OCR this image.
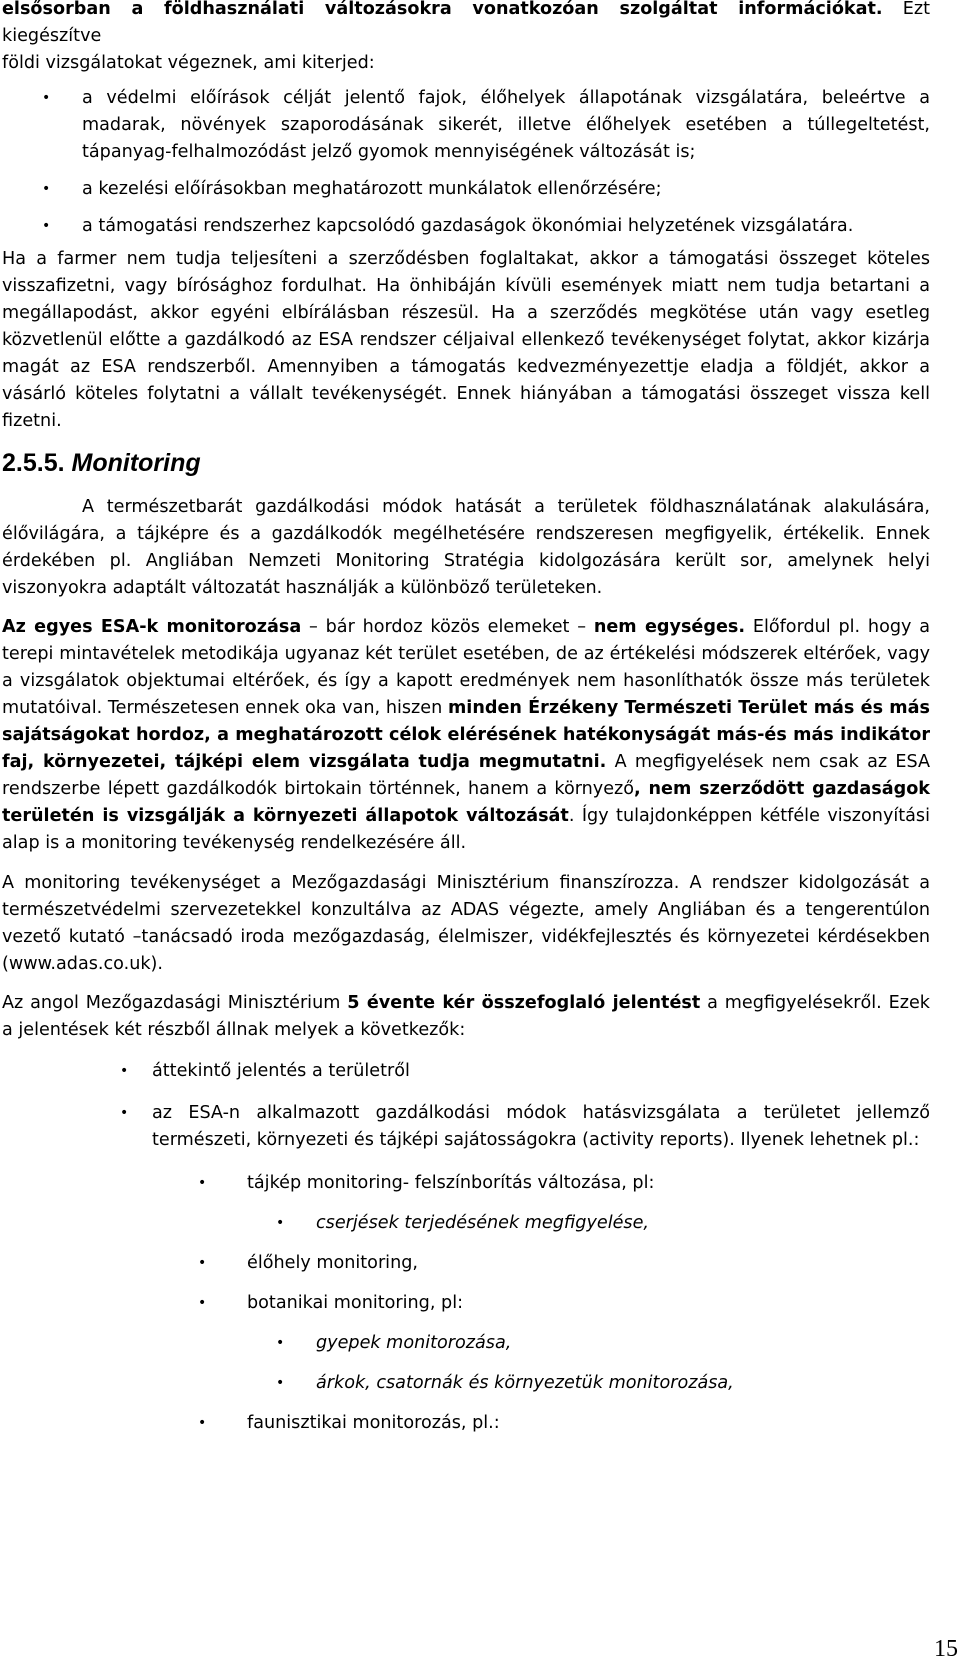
elsősorban a földhasználati változásokra vonatkozóan szolgáltat információkat. Ezt kiegészítve
földi vizsgálatokat végeznek, ami kiterjed:

• a védelmi előírások célját jelentő fajok, élőhelyek állapotának vizsgálatára, beleértve a madarak, növények szaporodásának sikerét, illetve élőhelyek esetében a túllegeltetést, tápanyag-felhalmozódást jelző gyomok mennyiségének változását is;
• a kezelési előírásokban meghatározott munkálatok ellenőrzésére;
• a támogatási rendszerhez kapcsolódó gazdaságok ökonómiai helyzetének vizsgálatára.

Ha a farmer nem tudja teljesíteni a szerződésben foglaltakat, akkor a támogatási összeget köteles visszafizetni, vagy bírósághoz fordulhat. Ha önhibáján kívüli események miatt nem tudja betartani a megállapodást, akkor egyéni elbírálásban részesül. Ha a szerződés megkötése után vagy esetleg közvetlenül előtte a gazdálkodó az ESA rendszer céljaival ellenkező tevékenységet folytat, akkor kizárja magát az ESA rendszerből. Amennyiben a támogatás kedvezményezettje eladja a földjét, akkor a vásárló köteles folytatni a vállalt tevékenységét. Ennek hiányában a támogatási összeget vissza kell fizetni.

2.5.5. Monitoring

A természetbarát gazdálkodási módok hatását a területek földhasználatának alakulására, élővilágára, a tájképre és a gazdálkodók megélhetésére rendszeresen megfigyelik, értékelik. Ennek érdekében pl. Angliában Nemzeti Monitoring Stratégia kidolgozására került sor, amelynek helyi viszonyokra adaptált változatát használják a különböző területeken.

Az egyes ESA-k monitorozása – bár hordoz közös elemeket – nem egységes. Előfordul pl. hogy a terepi mintavételek metodikája ugyanaz két terület esetében, de az értékelési módszerek eltérőek, vagy a vizsgálatok objektumai eltérőek, és így a kapott eredmények nem hasonlíthatók össze más területek mutatóival. Természetesen ennek oka van, hiszen minden Érzékeny Természeti Terület más és más sajátságokat hordoz, a meghatározott célok elérésének hatékonyságát más-és más indikátor faj, környezetei, tájképi elem vizsgálata tudja megmutatni. A megfigyelések nem csak az ESA rendszerbe lépett gazdálkodók birtokain történnek, hanem a környező, nem szerződött gazdaságok területén is vizsgálják a környezeti állapotok változását. Így tulajdonképpen kétféle viszonyítási alap is a monitoring tevékenység rendelkezésére áll.

A monitoring tevékenységet a Mezőgazdasági Minisztérium finanszírozza. A rendszer kidolgozását a természetvédelmi szervezetekkel konzultálva az ADAS végezte, amely Angliában és a tengerentúlon vezető kutató –tanácsadó iroda mezőgazdaság, élelmiszer, vidékfejlesztés és környezetei kérdésekben (www.adas.co.uk).

Az angol Mezőgazdasági Minisztérium 5 évente kér összefoglaló jelentést a megfigyelésekről. Ezek a jelentések két részből állnak melyek a következők:

• áttekintő jelentés a területről
• az ESA-n alkalmazott gazdálkodási módok hatásvizsgálata a területet jellemző természeti, környezeti és tájképi sajátosságokra (activity reports). Ilyenek lehetnek pl.:
• tájkép monitoring- felszínborítás változása, pl:
• cserjések terjedésének megfigyelése,
• élőhely monitoring,
• botanikai monitoring, pl:
• gyepek monitorozása,
• árkok, csatornák és környezetük monitorozása,
• faunisztikai monitorozás, pl.:
15
